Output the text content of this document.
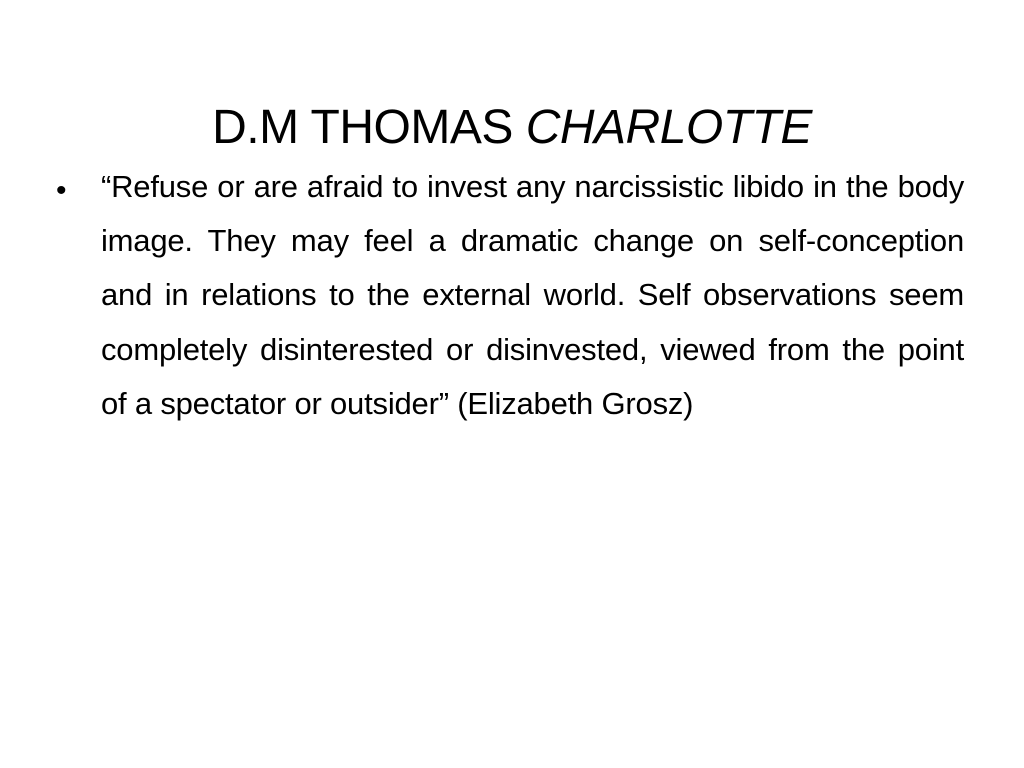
D.M THOMAS CHARLOTTE
• “Refuse or are afraid to invest any narcissistic libido in the body image. They may feel a dramatic change on self-conception and in relations to the external world. Self observations seem completely disinterested or disinvested, viewed from the point of a spectator or outsider” (Elizabeth Grosz)
